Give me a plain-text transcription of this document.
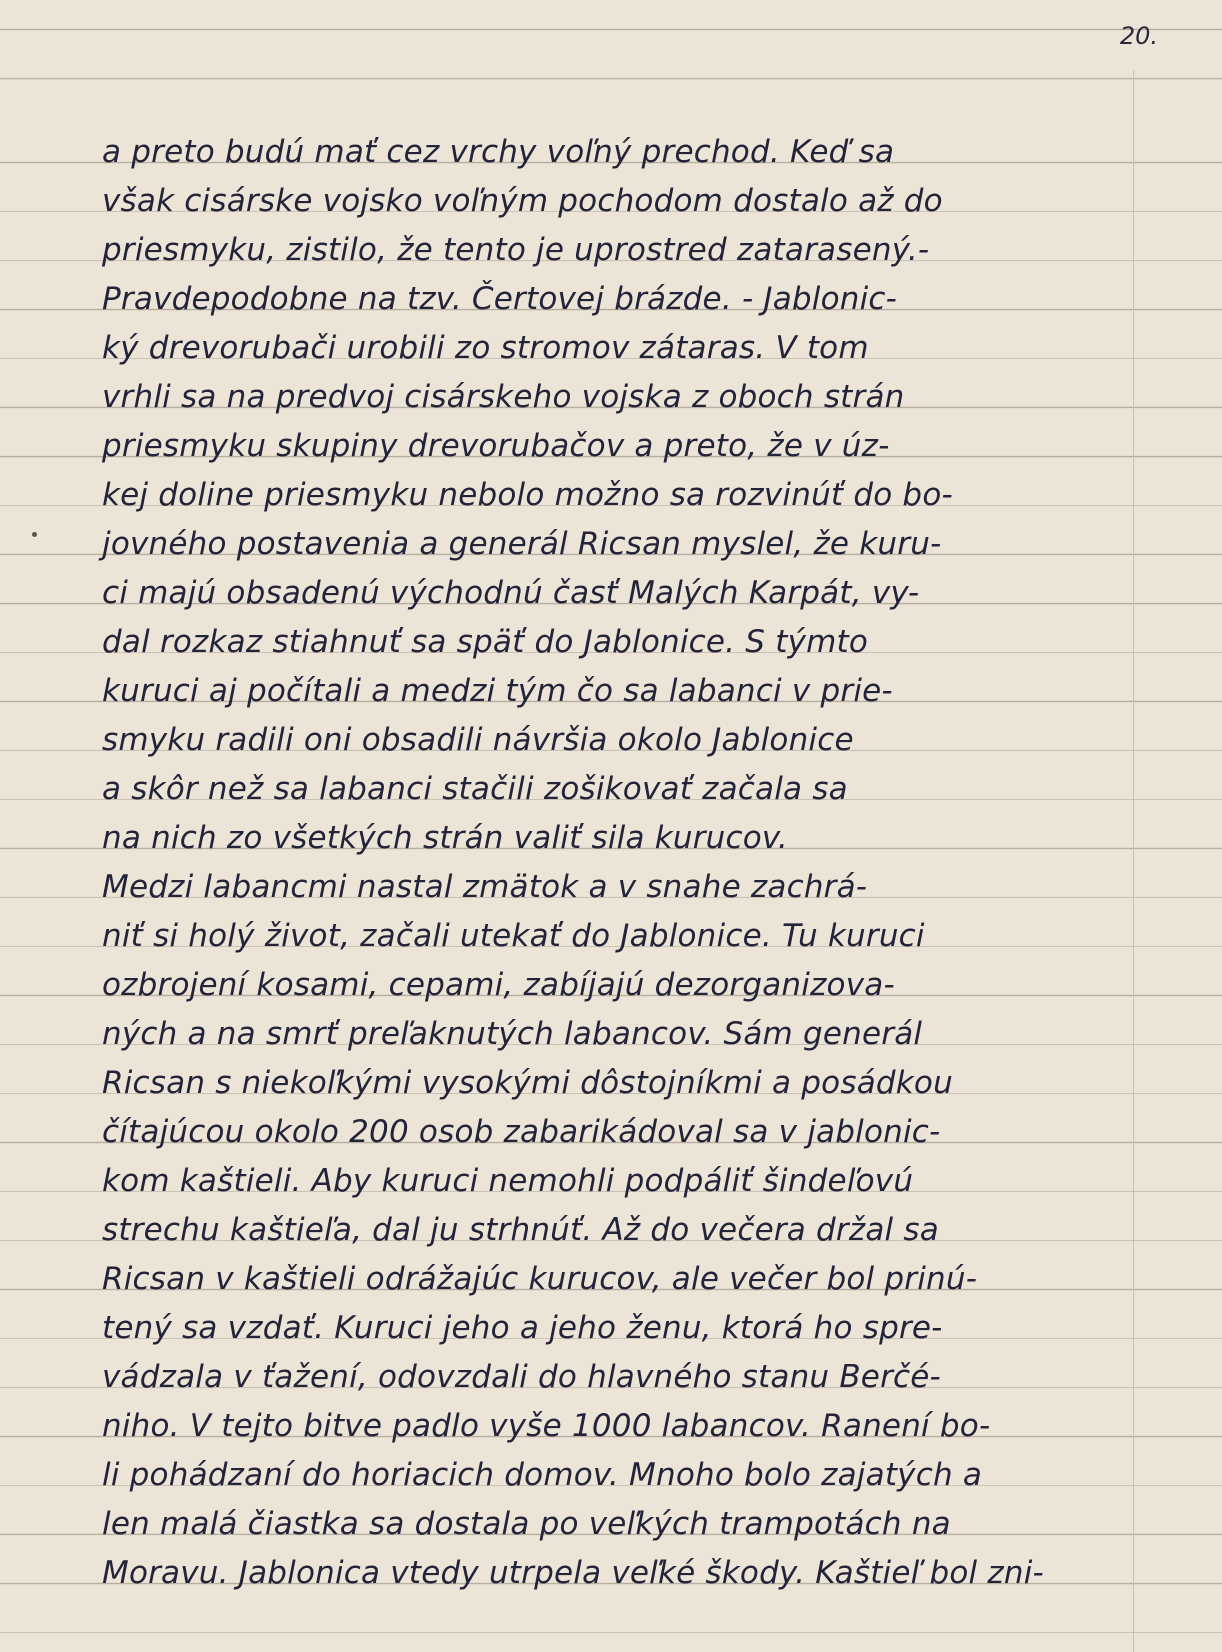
20.
a preto budú mať cez vrchy voľný prechod. Keď sa
však cisárske vojsko voľným pochodom dostalo až do
priesmyku, zistilo, že tento je uprostred zatarasený.-
Pravdepodobne na tzv. Čertovej brázde. - Jablonic-
ký drevorubači urobili zo stromov zátaras. V tom
vrhli sa na predvoj cisárskeho vojska z oboch strán
priesmyku skupiny drevorubačov a preto, že v úz-
kej doline priesmyku nebolo možno sa rozvinúť do bo-
jovného postavenia a generál Ricsan myslel, že kuru-
ci majú obsadenú východnú časť Malých Karpát, vy-
dal rozkaz stiahnuť sa späť do Jablonice. S týmto
kuruci aj počítali a medzi tým čo sa labanci v prie-
smyku radili oni obsadili návršia okolo Jablonice
a skôr než sa labanci stačili zošikovať začala sa
na nich zo všetkých strán valiť sila kurucov.
Medzi labancmi nastal zmätok a v snahe zachrá-
niť si holý život, začali utekať do Jablonice. Tu kuruci
ozbrojení kosami, cepami, zabíjajú dezorganizova-
ných a na smrť preľaknutých labancov. Sám generál
Ricsan s niekoľkými vysokými dôstojníkmi a posádkou
čítajúcou okolo 200 osob zabarikádoval sa v jablonic-
kom kaštieli. Aby kuruci nemohli podpáliť šindeľovú
strechu kaštieľa, dal ju strhnúť. Až do večera držal sa
Ricsan v kaštieli odrážajúc kurucov, ale večer bol prinú-
tený sa vzdať. Kuruci jeho a jeho ženu, ktorá ho spre-
vádzala v ťažení, odovzdali do hlavného stanu Berčé-
niho. V tejto bitve padlo vyše 1000 labancov. Ranení bo-
li pohádzaní do horiacich domov. Mnoho bolo zajatých a
len malá čiastka sa dostala po veľkých trampotách na
Moravu. Jablonica vtedy utrpela veľké škody. Kaštieľ bol zni-
